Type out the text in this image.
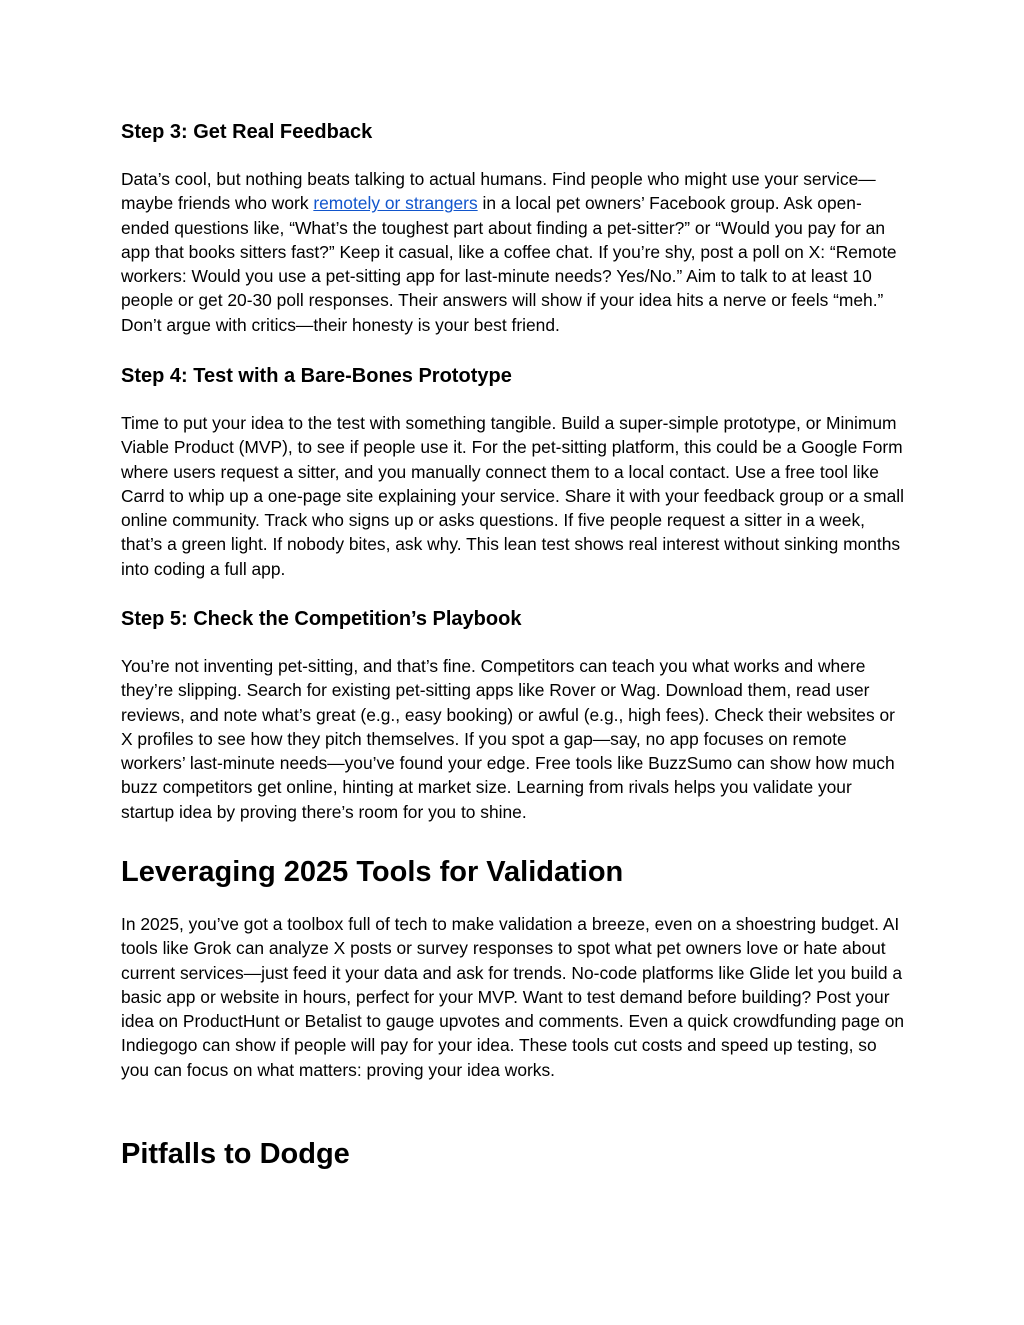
Step 3: Get Real Feedback

Data’s cool, but nothing beats talking to actual humans. Find people who might use your service—maybe friends who work remotely or strangers in a local pet owners’ Facebook group. Ask open-ended questions like, “What’s the toughest part about finding a pet-sitter?” or “Would you pay for an app that books sitters fast?” Keep it casual, like a coffee chat. If you’re shy, post a poll on X: “Remote workers: Would you use a pet-sitting app for last-minute needs? Yes/No.” Aim to talk to at least 10 people or get 20-30 poll responses. Their answers will show if your idea hits a nerve or feels “meh.” Don’t argue with critics—their honesty is your best friend.

Step 4: Test with a Bare-Bones Prototype

Time to put your idea to the test with something tangible. Build a super-simple prototype, or Minimum Viable Product (MVP), to see if people use it. For the pet-sitting platform, this could be a Google Form where users request a sitter, and you manually connect them to a local contact. Use a free tool like Carrd to whip up a one-page site explaining your service. Share it with your feedback group or a small online community. Track who signs up or asks questions. If five people request a sitter in a week, that’s a green light. If nobody bites, ask why. This lean test shows real interest without sinking months into coding a full app.

Step 5: Check the Competition’s Playbook

You’re not inventing pet-sitting, and that’s fine. Competitors can teach you what works and where they’re slipping. Search for existing pet-sitting apps like Rover or Wag. Download them, read user reviews, and note what’s great (e.g., easy booking) or awful (e.g., high fees). Check their websites or X profiles to see how they pitch themselves. If you spot a gap—say, no app focuses on remote workers’ last-minute needs—you’ve found your edge. Free tools like BuzzSumo can show how much buzz competitors get online, hinting at market size. Learning from rivals helps you validate your startup idea by proving there’s room for you to shine.

Leveraging 2025 Tools for Validation

In 2025, you’ve got a toolbox full of tech to make validation a breeze, even on a shoestring budget. AI tools like Grok can analyze X posts or survey responses to spot what pet owners love or hate about current services—just feed it your data and ask for trends. No-code platforms like Glide let you build a basic app or website in hours, perfect for your MVP. Want to test demand before building? Post your idea on ProductHunt or Betalist to gauge upvotes and comments. Even a quick crowdfunding page on Indiegogo can show if people will pay for your idea. These tools cut costs and speed up testing, so you can focus on what matters: proving your idea works.

Pitfalls to Dodge
